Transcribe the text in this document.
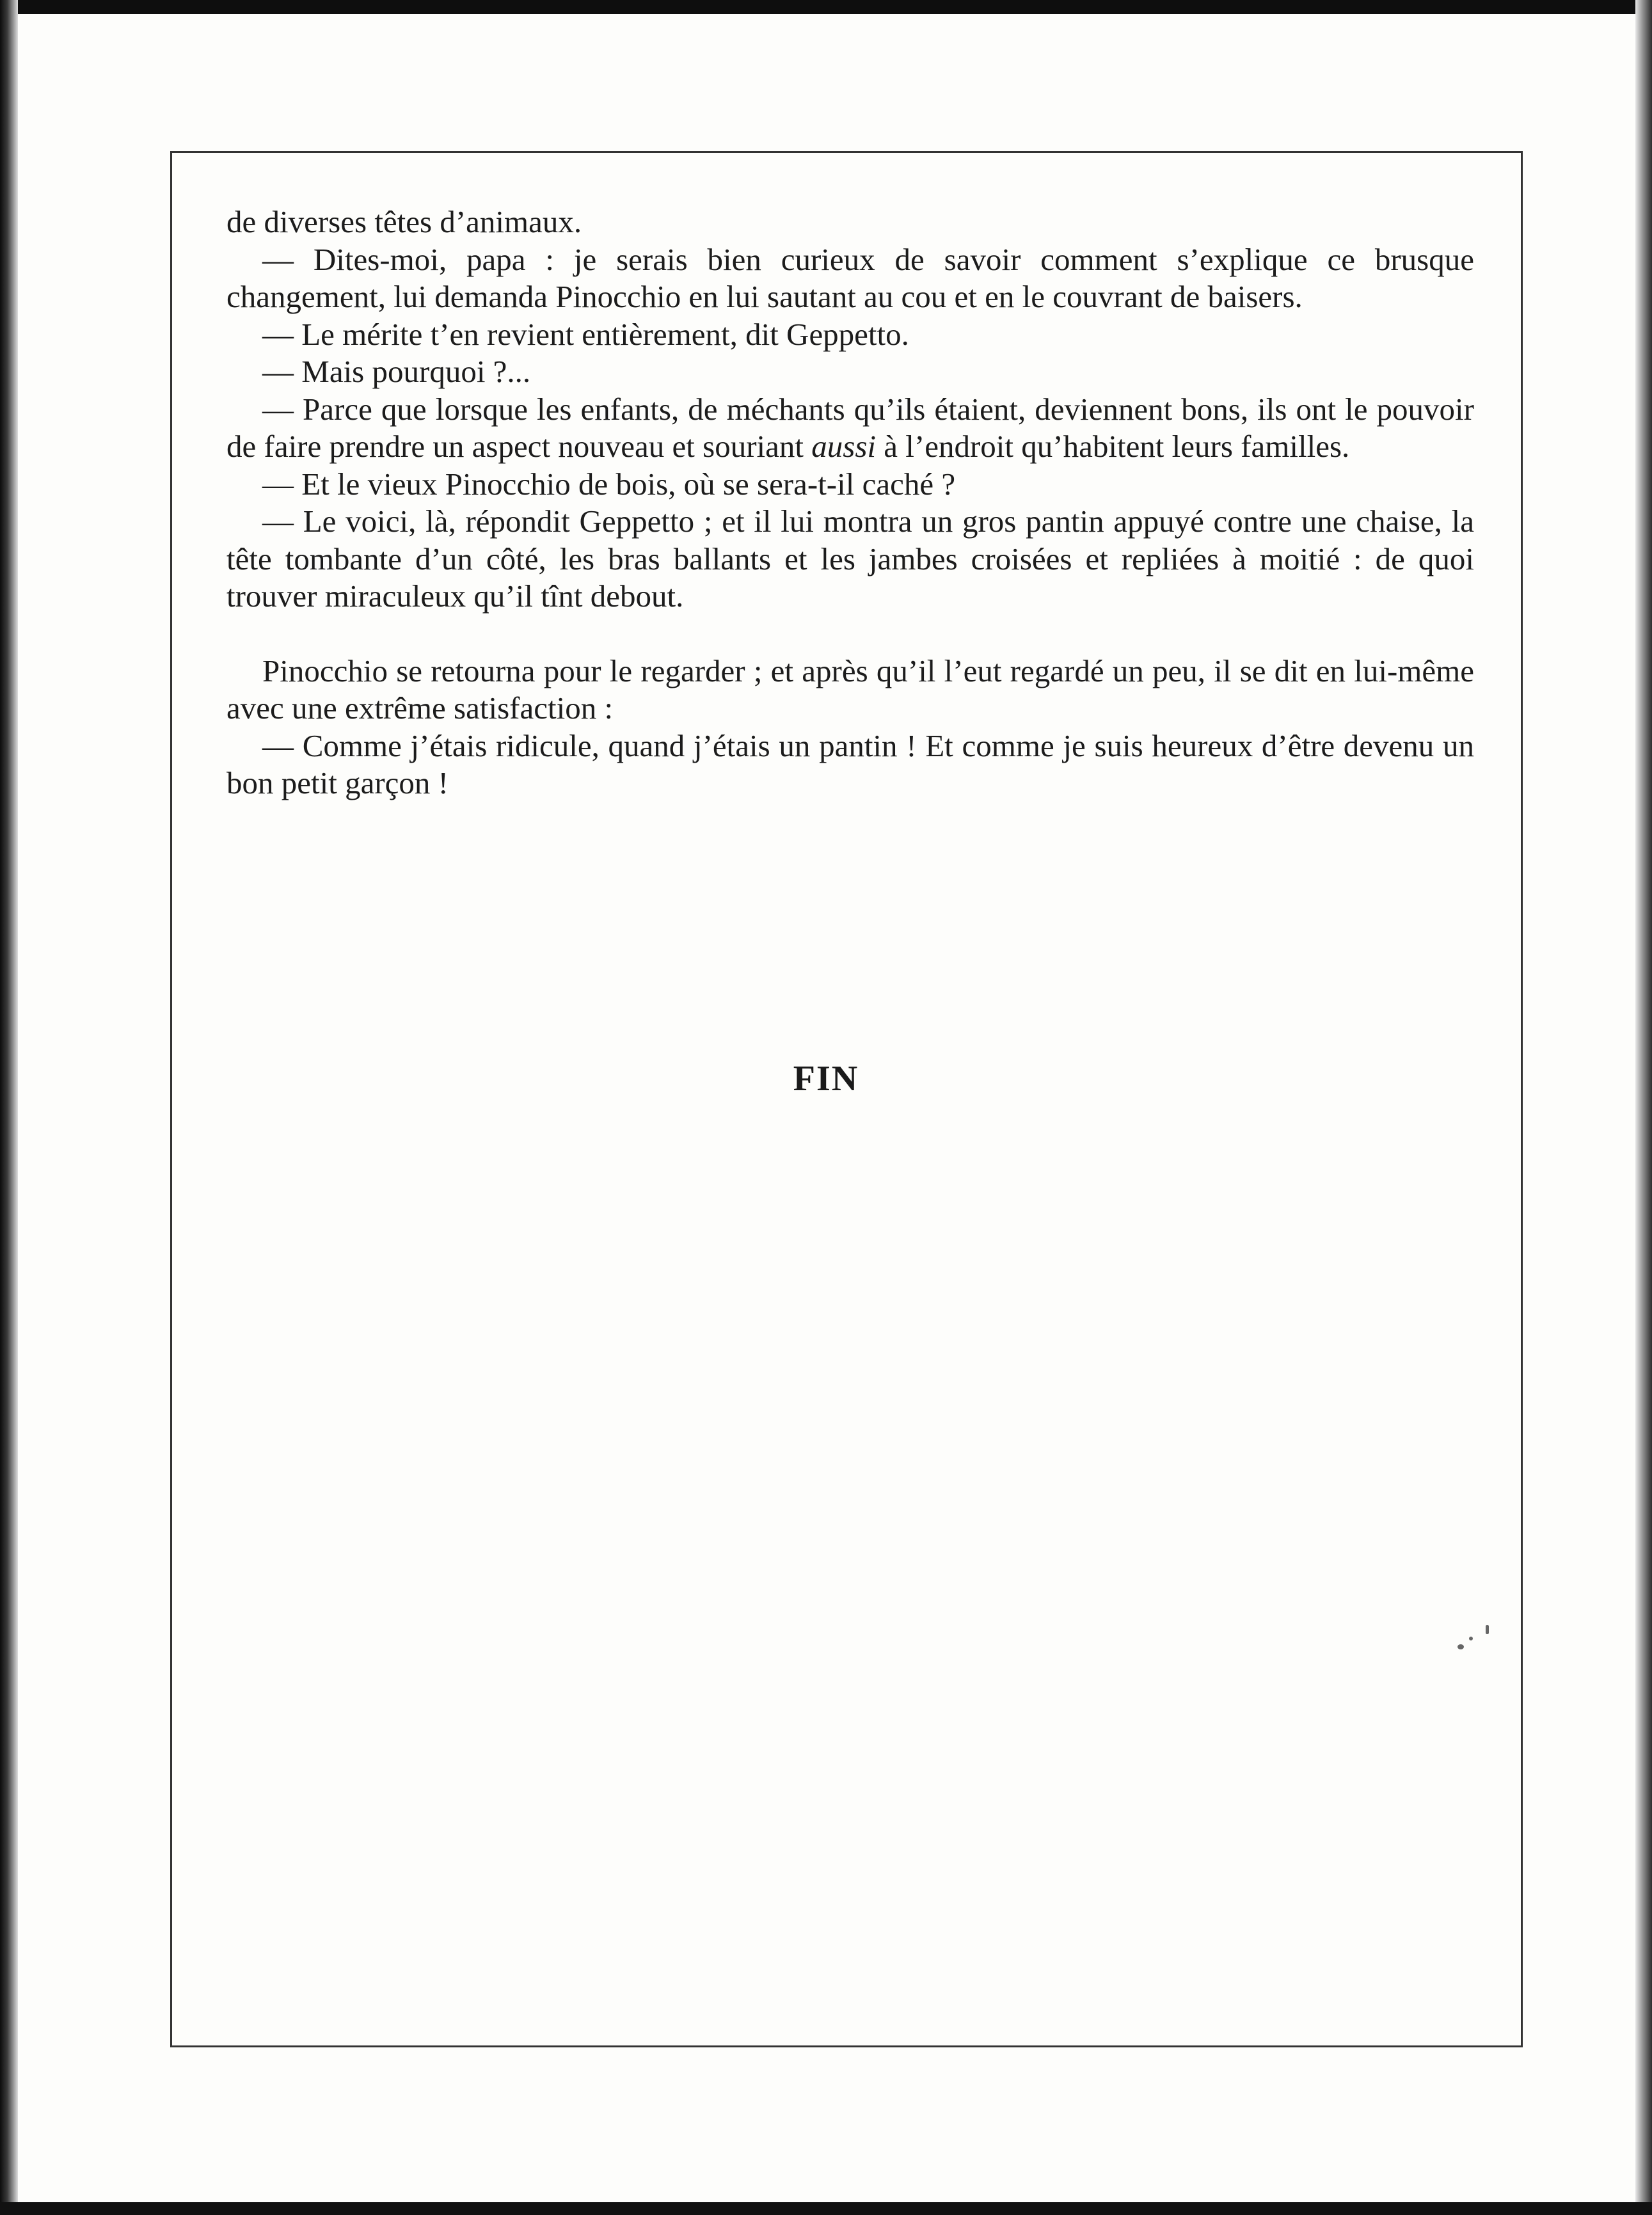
de diverses têtes d’animaux.

— Dites-moi, papa : je serais bien curieux de savoir comment s’explique ce brusque changement, lui demanda Pinocchio en lui sautant au cou et en le couvrant de baisers.

— Le mérite t’en revient entièrement, dit Geppetto.

— Mais pourquoi ?...

— Parce que lorsque les enfants, de méchants qu’ils étaient, deviennent bons, ils ont le pouvoir de faire prendre un aspect nouveau et souriant aussi à l’endroit qu’habitent leurs familles.

— Et le vieux Pinocchio de bois, où se sera-t-il caché ?

— Le voici, là, répondit Geppetto ; et il lui montra un gros pantin appuyé contre une chaise, la tête tombante d’un côté, les bras ballants et les jambes croisées et repliées à moitié : de quoi trouver miraculeux qu’il tînt debout.

Pinocchio se retourna pour le regarder ; et après qu’il l’eut regardé un peu, il se dit en lui-même avec une extrême satisfaction :

— Comme j’étais ridicule, quand j’étais un pantin ! Et comme je suis heureux d’être devenu un bon petit garçon !

FIN
